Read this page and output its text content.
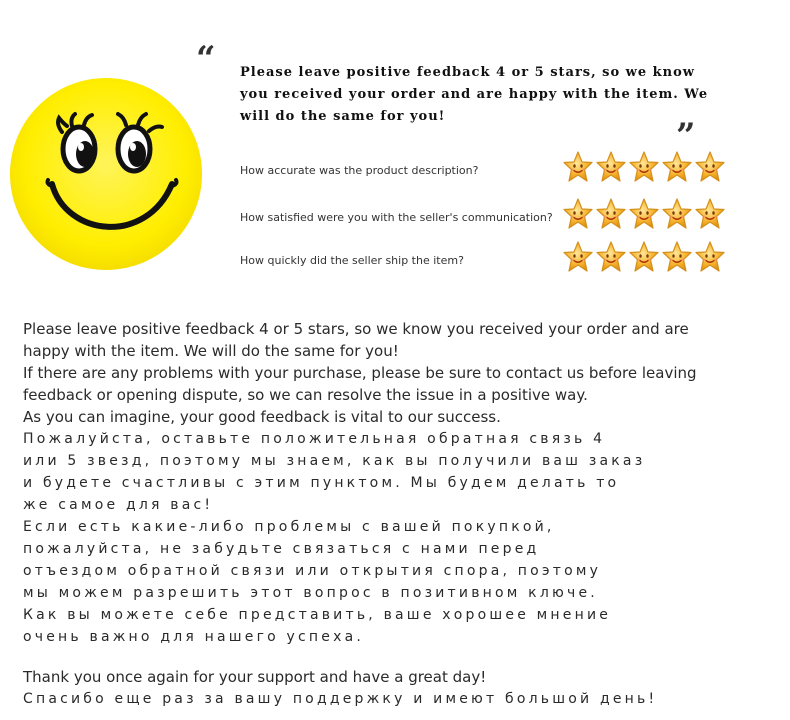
“
”
Please leave positive feedback 4 or 5 stars, so we know
you received your order and are happy with the item. We
will do the same for you!
How accurate was the product description?
How satisfied were you with the seller's communication?
How quickly did the seller ship the item?
Please leave positive feedback 4 or 5 stars, so we know you received your order and are
happy with the item. We will do the same for you!
If there are any problems with your purchase, please be sure to contact us before leaving
feedback or opening dispute, so we can resolve the issue in a positive way.
As you can imagine, your good feedback is vital to our success.
Пожалуйста, оставьте положительная обратная связь 4
или 5 звезд, поэтому мы знаем, как вы получили ваш заказ
и будете счастливы с этим пунктом. Мы будем делать то
же самое для вас!
Если есть какие-либо проблемы с вашей покупкой,
пожалуйста, не забудьте связаться с нами перед
отъездом обратной связи или открытия спора, поэтому
мы можем разрешить этот вопрос в позитивном ключе.
Как вы можете себе представить, ваше хорошее мнение
очень важно для нашего успеха.
Thank you once again for your support and have a great day!
Спасибо еще раз за вашу поддержку и имеют большой день!
